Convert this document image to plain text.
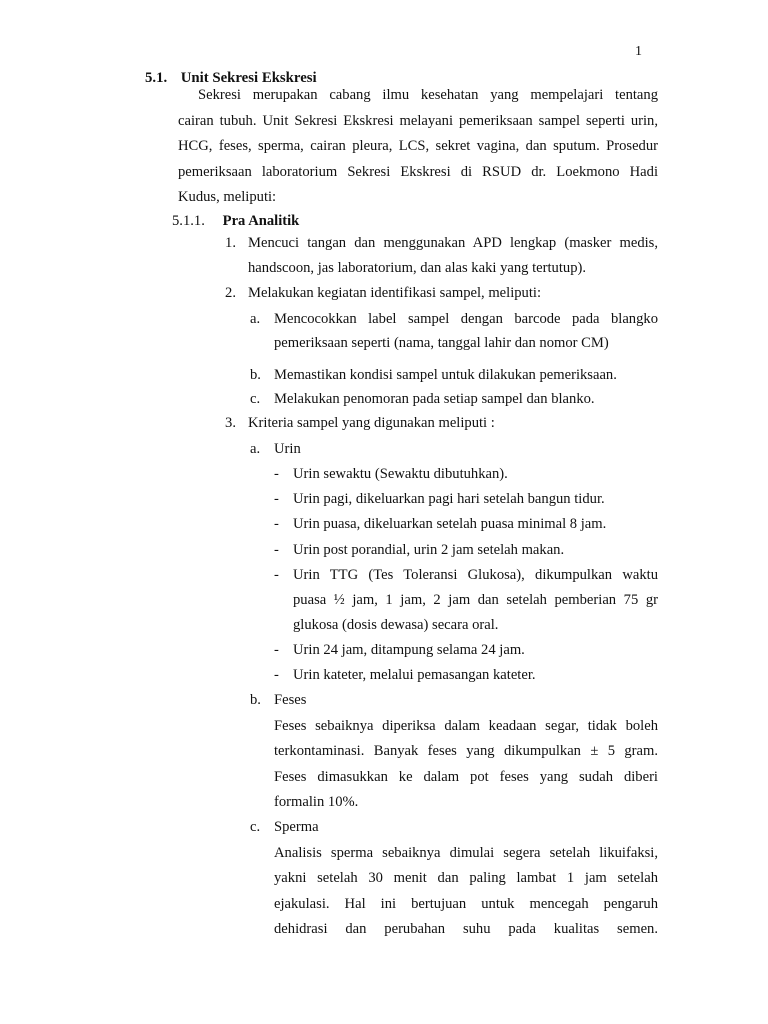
1
5.1. Unit Sekresi Ekskresi
Sekresi merupakan cabang ilmu kesehatan yang mempelajari tentang
cairan tubuh. Unit Sekresi Ekskresi melayani pemeriksaan sampel seperti urin,
HCG, feses, sperma, cairan pleura, LCS, sekret vagina, dan sputum. Prosedur
pemeriksaan laboratorium Sekresi Ekskresi di RSUD dr. Loekmono Hadi
Kudus, meliputi:
5.1.1. Pra Analitik
1. Mencuci tangan dan menggunakan APD lengkap (masker medis,
handscoon, jas laboratorium, dan alas kaki yang tertutup).
2. Melakukan kegiatan identifikasi sampel, meliputi:
a. Mencocokkan label sampel dengan barcode pada blangko
pemeriksaan seperti (nama, tanggal lahir dan nomor CM)
b. Memastikan kondisi sampel untuk dilakukan pemeriksaan.
c. Melakukan penomoran pada setiap sampel dan blanko.
3. Kriteria sampel yang digunakan meliputi :
a. Urin
- Urin sewaktu (Sewaktu dibutuhkan).
- Urin pagi, dikeluarkan pagi hari setelah bangun tidur.
- Urin puasa, dikeluarkan setelah puasa minimal 8 jam.
- Urin post porandial, urin 2 jam setelah makan.
- Urin TTG (Tes Toleransi Glukosa), dikumpulkan waktu
puasa ½ jam, 1 jam, 2 jam dan setelah pemberian 75 gr
glukosa (dosis dewasa) secara oral.
- Urin 24 jam, ditampung selama 24 jam.
- Urin kateter, melalui pemasangan kateter.
b. Feses
Feses sebaiknya diperiksa dalam keadaan segar, tidak boleh
terkontaminasi. Banyak feses yang dikumpulkan ± 5 gram.
Feses dimasukkan ke dalam pot feses yang sudah diberi
formalin 10%.
c. Sperma
Analisis sperma sebaiknya dimulai segera setelah likuifaksi,
yakni setelah 30 menit dan paling lambat 1 jam setelah
ejakulasi. Hal ini bertujuan untuk mencegah pengaruh
dehidrasi dan perubahan suhu pada kualitas semen.
